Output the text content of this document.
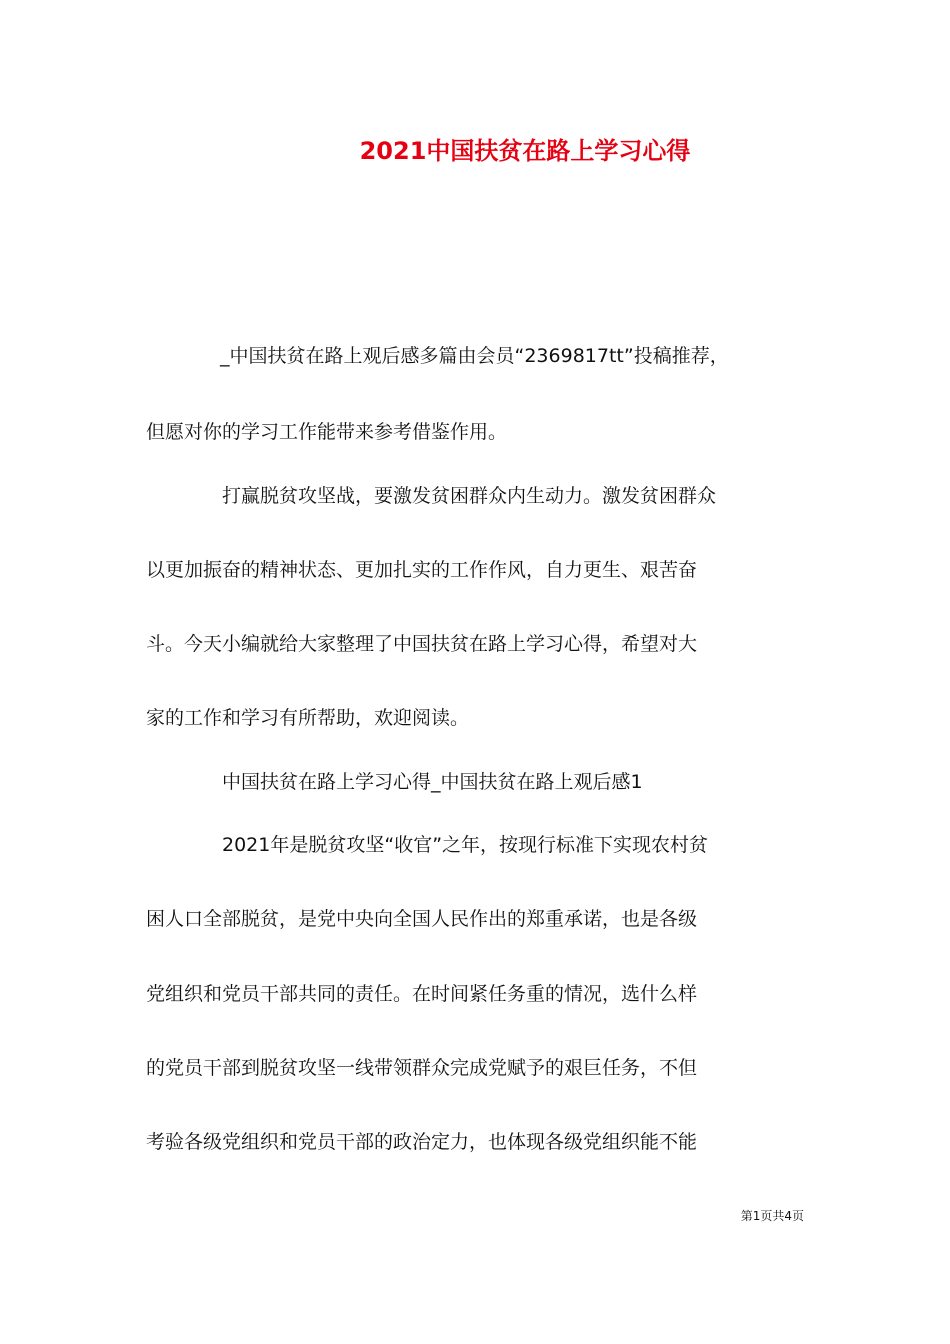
2021中国扶贫在路上学习心得
_中国扶贫在路上观后感多篇由会员“2369817tt”投稿推荐，
但愿对你的学习工作能带来参考借鉴作用。
打赢脱贫攻坚战，要激发贫困群众内生动力。激发贫困群众
以更加振奋的精神状态、更加扎实的工作作风，自力更生、艰苦奋
斗。今天小编就给大家整理了中国扶贫在路上学习心得，希望对大
家的工作和学习有所帮助，欢迎阅读。
中国扶贫在路上学习心得_中国扶贫在路上观后感1
2021年是脱贫攻坚“收官”之年，按现行标准下实现农村贫
困人口全部脱贫，是党中央向全国人民作出的郑重承诺，也是各级
党组织和党员干部共同的责任。在时间紧任务重的情况，选什么样
的党员干部到脱贫攻坚一线带领群众完成党赋予的艰巨任务，不但
考验各级党组织和党员干部的政治定力，也体现各级党组织能不能
第1页共4页
